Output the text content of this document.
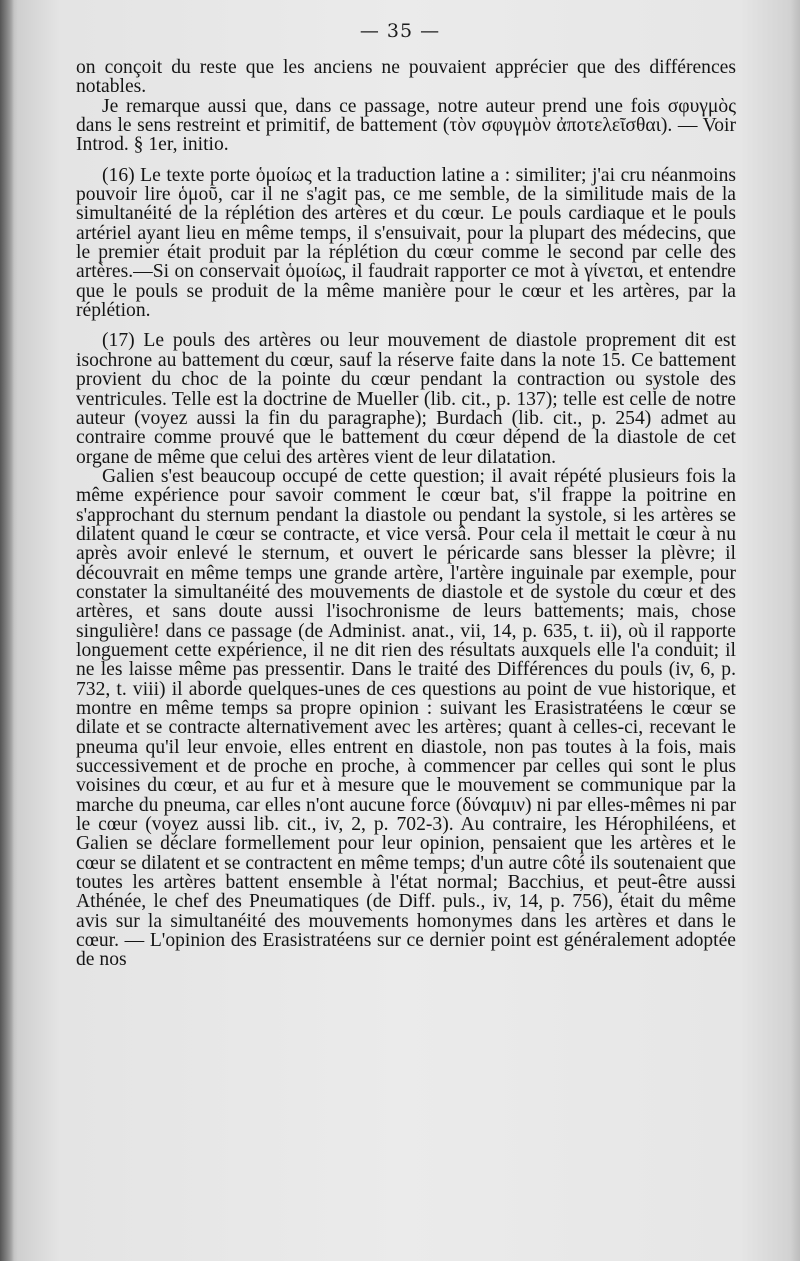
— 35 —

on conçoit du reste que les anciens ne pouvaient apprécier que des différences notables.

Je remarque aussi que, dans ce passage, notre auteur prend une fois σφυγμὸς dans le sens restreint et primitif, de battement (τὸν σφυγμὸν ἀποτελεῖσθαι). — Voir Introd. § 1er, initio.

(16) Le texte porte ὁμοίως et la traduction latine a : similiter; j'ai cru néanmoins pouvoir lire ὁμοῦ, car il ne s'agit pas, ce me semble, de la similitude mais de la simultanéité de la réplétion des artères et du cœur. Le pouls cardiaque et le pouls artériel ayant lieu en même temps, il s'ensuivait, pour la plupart des médecins, que le premier était produit par la réplétion du cœur comme le second par celle des artères.—Si on conservait ὁμοίως, il faudrait rapporter ce mot à γίνεται, et entendre que le pouls se produit de la même manière pour le cœur et les artères, par la réplétion.

(17) Le pouls des artères ou leur mouvement de diastole proprement dit est isochrone au battement du cœur, sauf la réserve faite dans la note 15. Ce battement provient du choc de la pointe du cœur pendant la contraction ou systole des ventricules. Telle est la doctrine de Mueller (lib. cit., p. 137); telle est celle de notre auteur (voyez aussi la fin du paragraphe); Burdach (lib. cit., p. 254) admet au contraire comme prouvé que le battement du cœur dépend de la diastole de cet organe de même que celui des artères vient de leur dilatation.

Galien s'est beaucoup occupé de cette question; il avait répété plusieurs fois la même expérience pour savoir comment le cœur bat, s'il frappe la poitrine en s'approchant du sternum pendant la diastole ou pendant la systole, si les artères se dilatent quand le cœur se contracte, et vice versâ. Pour cela il mettait le cœur à nu après avoir enlevé le sternum, et ouvert le péricarde sans blesser la plèvre; il découvrait en même temps une grande artère, l'artère inguinale par exemple, pour constater la simultanéité des mouvements de diastole et de systole du cœur et des artères, et sans doute aussi l'isochronisme de leurs battements; mais, chose singulière! dans ce passage (de Administ. anat., vii, 14, p. 635, t. ii), où il rapporte longuement cette expérience, il ne dit rien des résultats auxquels elle l'a conduit; il ne les laisse même pas pressentir. Dans le traité des Différences du pouls (iv, 6, p. 732, t. viii) il aborde quelques-unes de ces questions au point de vue historique, et montre en même temps sa propre opinion : suivant les Erasistratéens le cœur se dilate et se contracte alternativement avec les artères; quant à celles-ci, recevant le pneuma qu'il leur envoie, elles entrent en diastole, non pas toutes à la fois, mais successivement et de proche en proche, à commencer par celles qui sont le plus voisines du cœur, et au fur et à mesure que le mouvement se communique par la marche du pneuma, car elles n'ont aucune force (δύναμιν) ni par elles-mêmes ni par le cœur (voyez aussi lib. cit., iv, 2, p. 702-3). Au contraire, les Hérophiléens, et Galien se déclare formellement pour leur opinion, pensaient que les artères et le cœur se dilatent et se contractent en même temps; d'un autre côté ils soutenaient que toutes les artères battent ensemble à l'état normal; Bacchius, et peut-être aussi Athénée, le chef des Pneumatiques (de Diff. puls., iv, 14, p. 756), était du même avis sur la simultanéité des mouvements homonymes dans les artères et dans le cœur. — L'opinion des Erasistratéens sur ce dernier point est généralement adoptée de nos
